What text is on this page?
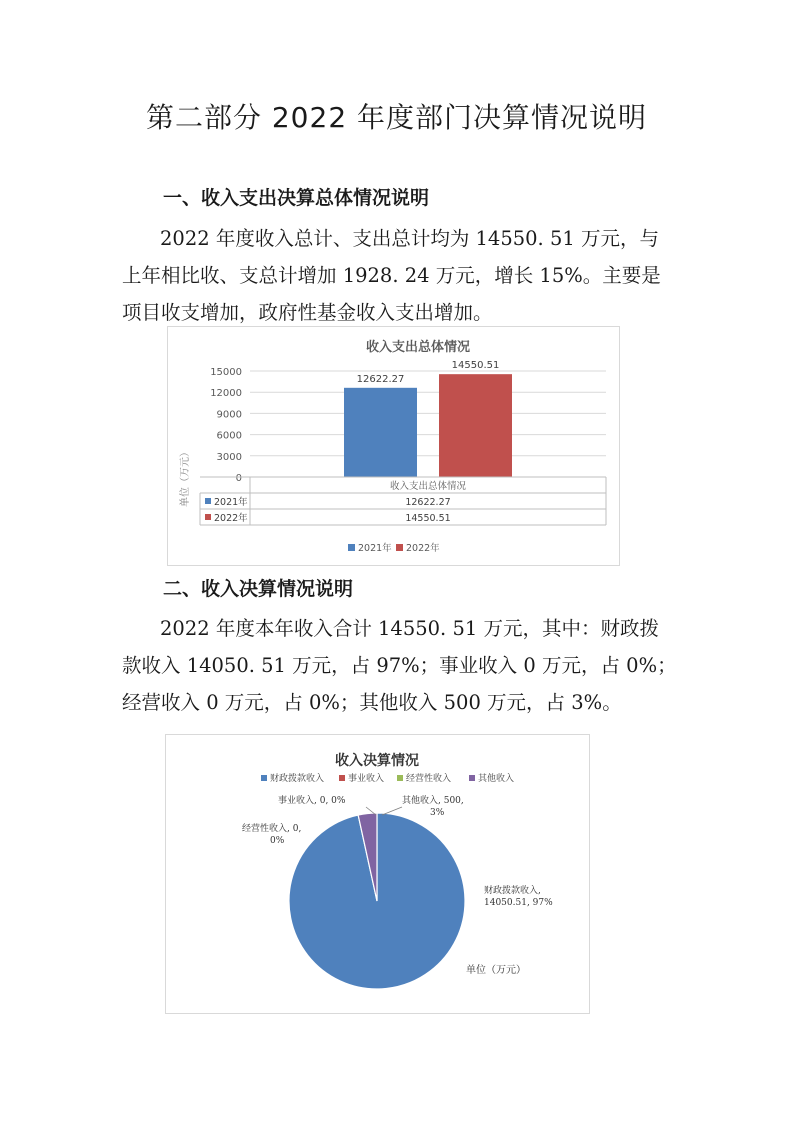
第二部分 2022 年度部门决算情况说明
一、收入支出决算总体情况说明
2022 年度收入总计、支出总计均为 14550. 51 万元，与
上年相比收、支总计增加 1928. 24 万元，增长 15%。主要是
项目收支增加，政府性基金收入支出增加。
收入支出总体情况
单位（万元）	0
3000
6000
9000
12000
15000
12622.27
14550.51
收入支出总体情况
2021年	12622.27
2022年	14550.51
2021年 2022年
二、收入决算情况说明
2022 年度本年收入合计 14550. 51 万元，其中：财政拨
款收入 14050. 51 万元，占 97%；事业收入 0 万元，占 0%；
经营收入 0 万元，占 0%；其他收入 500 万元，占 3%。
收入决算情况
财政拨款收入	事业收入 经营性收入	其他收入
财政拨款收入,
14050.51, 97%
事业收入, 0, 0%
经营性收入, 0,
0%
其他收入, 500,
3%
单位（万元）
